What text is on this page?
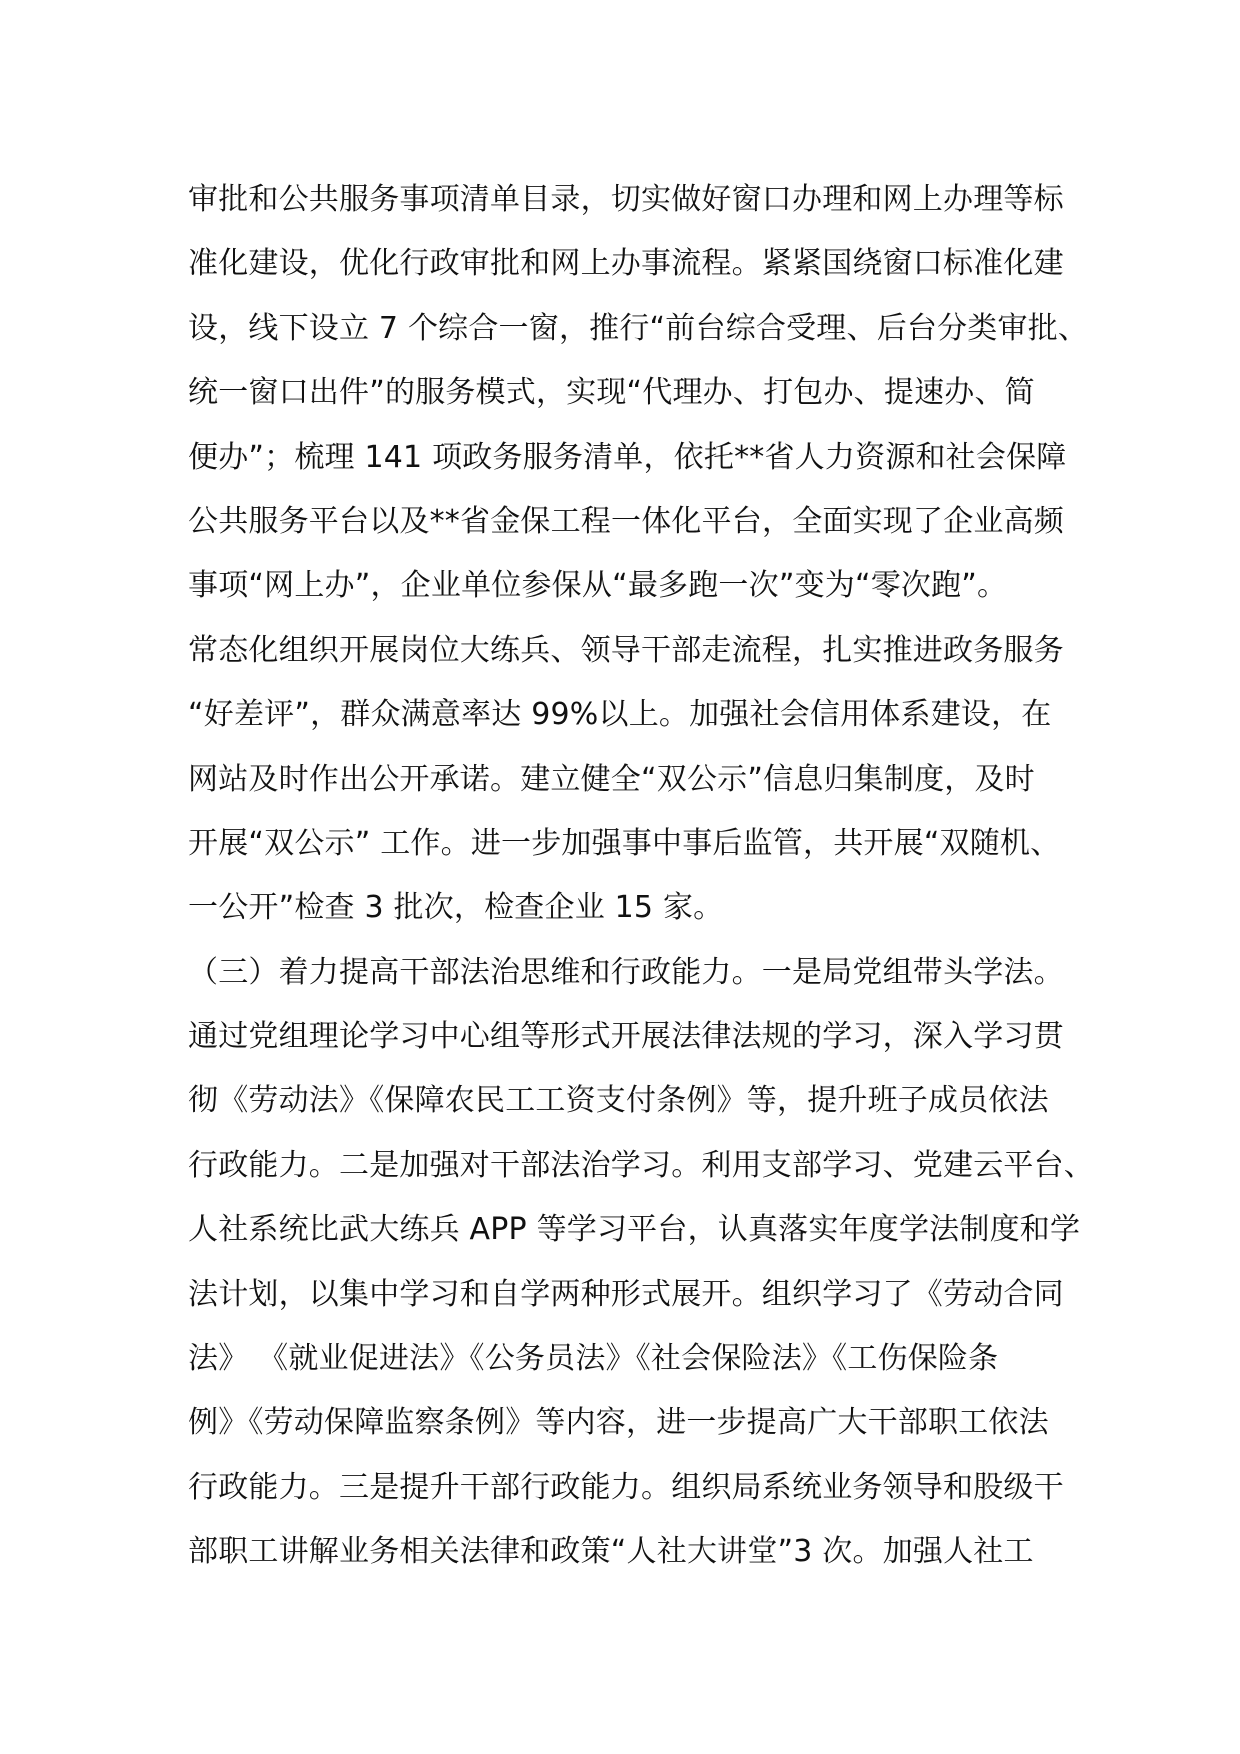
审批和公共服务事项清单目录，切实做好窗口办理和网上办理等标
准化建设，优化行政审批和网上办事流程。紧紧国绕窗口标准化建
设，线下设立 7 个综合一窗，推行“前台综合受理、后台分类审批、
统一窗口出件”的服务模式，实现“代理办、打包办、提速办、简
便办”；梳理 141 项政务服务清单，依托**省人力资源和社会保障
公共服务平台以及**省金保工程一体化平台，全面实现了企业高频
事项“网上办”，企业单位参保从“最多跑一次”变为“零次跑”。
常态化组织开展岗位大练兵、领导干部走流程，扎实推进政务服务
“好差评”，群众满意率达 99%以上。加强社会信用体系建设，在
网站及时作出公开承诺。建立健全“双公示”信息归集制度，及时
开展“双公示” 工作。进一步加强事中事后监管，共开展“双随机、
一公开”检查 3 批次，检查企业 15 家。
（三）着力提高干部法治思维和行政能力。一是局党组带头学法。
通过党组理论学习中心组等形式开展法律法规的学习，深入学习贯
彻《劳动法》《保障农民工工资支付条例》等，提升班子成员依法
行政能力。二是加强对干部法治学习。利用支部学习、党建云平台、
人社系统比武大练兵 APP 等学习平台，认真落实年度学法制度和学
法计划，以集中学习和自学两种形式展开。组织学习了《劳动合同
法》 《就业促进法》《公务员法》《社会保险法》《工伤保险条
例》《劳动保障监察条例》等内容，进一步提高广大干部职工依法
行政能力。三是提升干部行政能力。组织局系统业务领导和股级干
部职工讲解业务相关法律和政策“人社大讲堂”3 次。加强人社工
